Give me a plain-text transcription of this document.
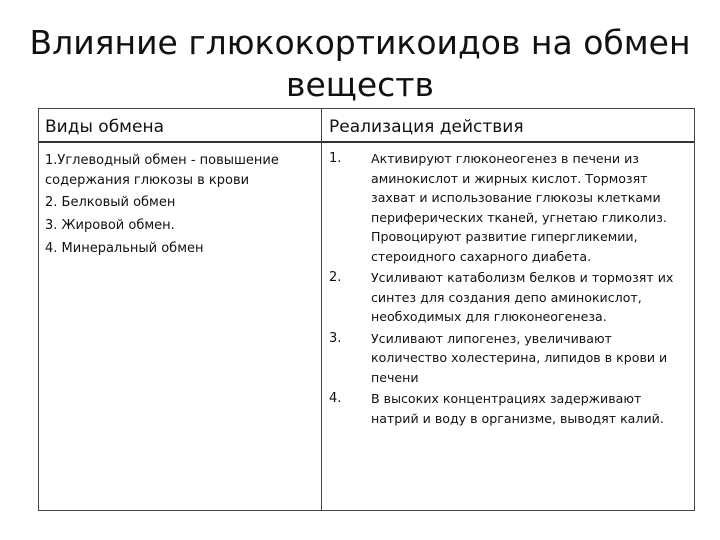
Влияние глюкокортикоидов на обмен
веществ
Виды обмена	Реализация действия
1.Углеводный обмен - повышение содержания глюкозы в крови
2. Белковый обмен
3. Жировой обмен.
4. Минеральный обмен
1. Активируют глюконеогенез в печени из аминокислот и жирных кислот. Тормозят захват и использование глюкозы клетками периферических тканей, угнетаю гликолиз. Провоцируют развитие гипергликемии, стероидного сахарного диабета.
2. Усиливают катаболизм белков и тормозят их синтез для создания депо аминокислот, необходимых для глюконеогенеза.
3. Усиливают липогенез, увеличивают количество холестерина, липидов в крови и печени
4. В высоких концентрациях задерживают натрий и воду в организме, выводят калий.
